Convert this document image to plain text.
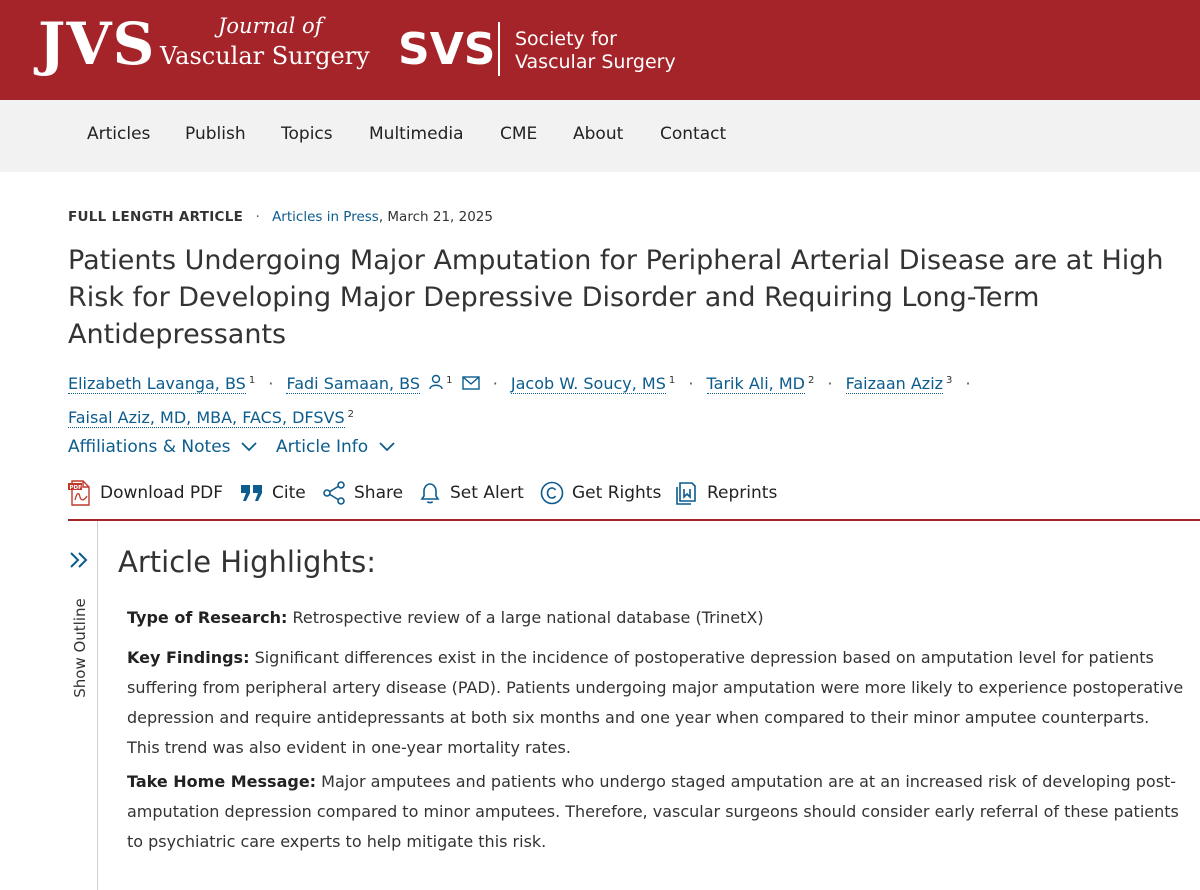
JVS	Journal of
Vascular Surgery SVS Society for
Vascular Surgery
Articles Publish Topics Multimedia CME About Contact
FULL LENGTH ARTICLE · Articles in Press, March 21, 2025
Patients Undergoing Major Amputation for Peripheral Arterial Disease are at High Risk for Developing Major Depressive Disorder and Requiring Long-Term Antidepressants
Elizabeth Lavanga, BS $^1$ · Fadi Samaan, BS	$^1$	· Jacob W. Soucy, MS $^1$ · Tarik Ali, MD $^2$ · Faizaan Aziz $^3$ ·
Faisal Aziz, MD, MBA, FACS, DFSVS $^2$
Affiliations & Notes	Article Info
PDF Download PDF	Cite	Share	Set Alert	Get Rights	Reprints
Show Outline
Article Highlights:

Type of Research: Retrospective review of a large national database (TrinetX)

Key Findings: Significant differences exist in the incidence of postoperative depression based on amputation level for patients suffering from peripheral artery disease (PAD). Patients undergoing major amputation were more likely to experience postoperative depression and require antidepressants at both six months and one year when compared to their minor amputee counterparts. This trend was also evident in one-year mortality rates.

Take Home Message: Major amputees and patients who undergo staged amputation are at an increased risk of developing post-amputation depression compared to minor amputees. Therefore, vascular surgeons should consider early referral of these patients to psychiatric care experts to help mitigate this risk.
